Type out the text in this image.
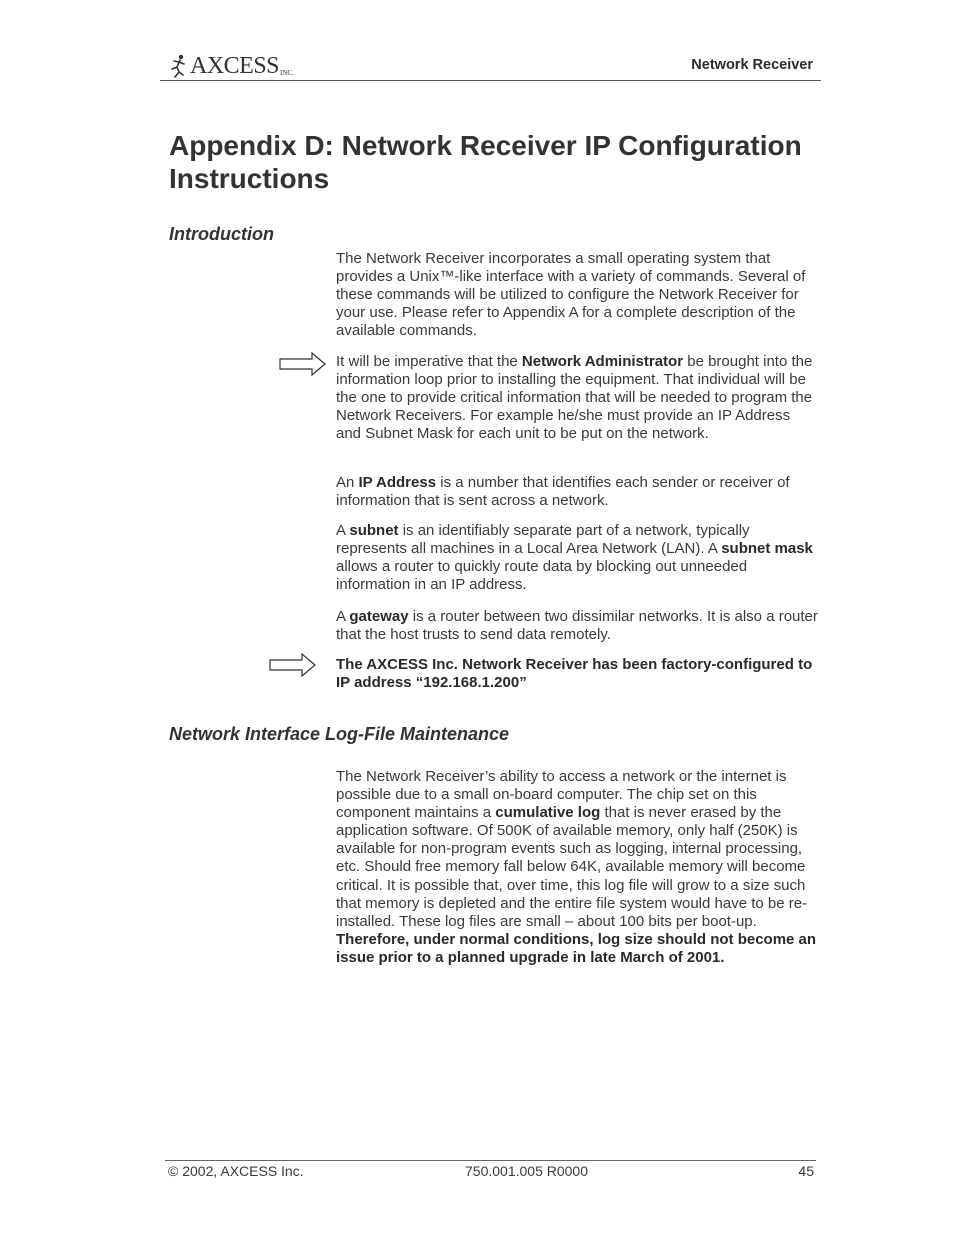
AXCESS INC.	Network Receiver
Appendix D: Network Receiver IP Configuration Instructions
Introduction

The Network Receiver incorporates a small operating system that provides a Unix™-like interface with a variety of commands. Several of these commands will be utilized to configure the Network Receiver for your use. Please refer to Appendix A for a complete description of the available commands.

It will be imperative that the Network Administrator be brought into the information loop prior to installing the equipment. That individual will be the one to provide critical information that will be needed to program the Network Receivers. For example he/she must provide an IP Address and Subnet Mask for each unit to be put on the network.

An IP Address is a number that identifies each sender or receiver of information that is sent across a network.

A subnet is an identifiably separate part of a network, typically represents all machines in a Local Area Network (LAN). A subnet mask allows a router to quickly route data by blocking out unneeded information in an IP address.

A gateway is a router between two dissimilar networks. It is also a router that the host trusts to send data remotely.

The AXCESS Inc. Network Receiver has been factory-configured to IP address “192.168.1.200”

Network Interface Log-File Maintenance

The Network Receiver’s ability to access a network or the internet is possible due to a small on-board computer. The chip set on this component maintains a cumulative log that is never erased by the application software. Of 500K of available memory, only half (250K) is available for non-program events such as logging, internal processing, etc. Should free memory fall below 64K, available memory will become critical. It is possible that, over time, this log file will grow to a size such that memory is depleted and the entire file system would have to be re-installed. These log files are small – about 100 bits per boot-up. Therefore, under normal conditions, log size should not become an issue prior to a planned upgrade in late March of 2001.

© 2002, AXCESS Inc.	750.001.005 R0000	45
